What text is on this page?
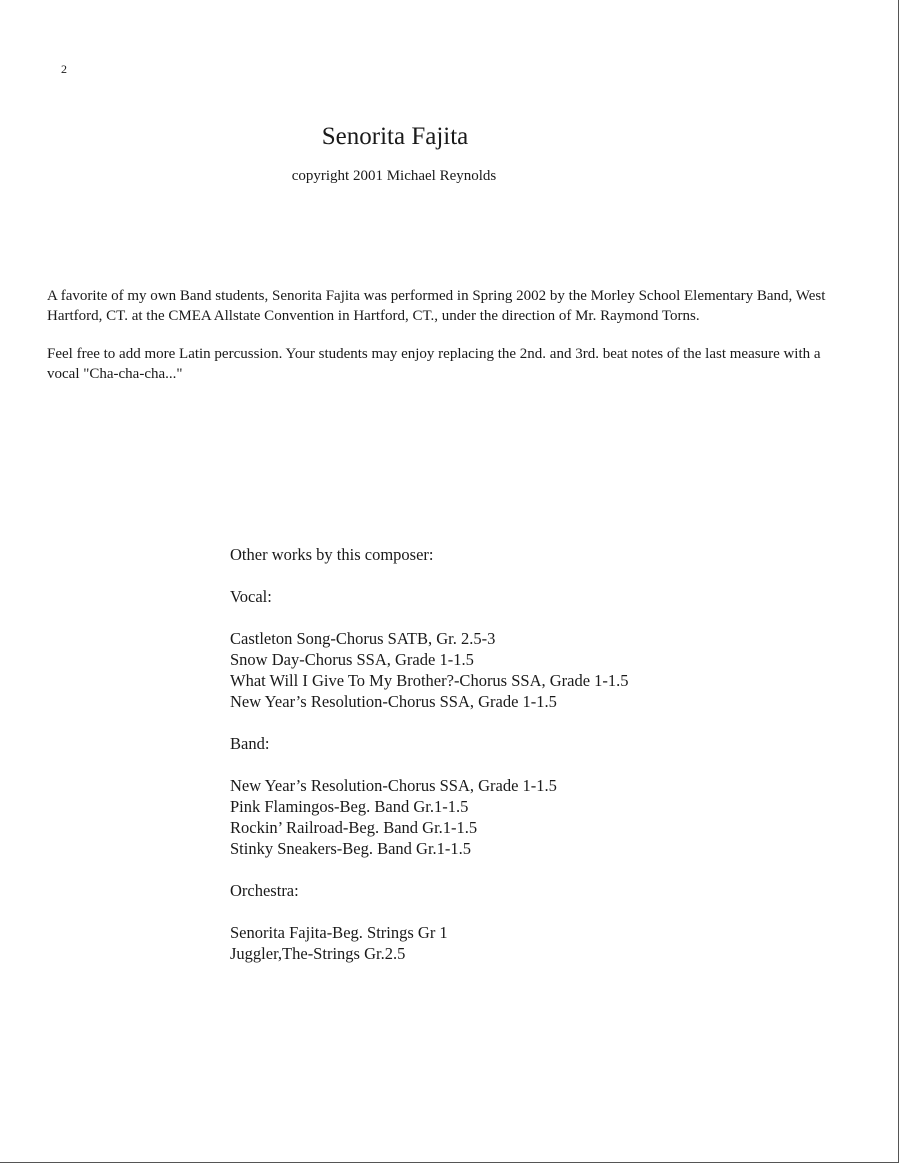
2
Senorita Fajita
copyright 2001 Michael Reynolds

A favorite of my own Band students, Senorita Fajita was performed in Spring 2002 by the Morley School Elementary Band, West Hartford, CT. at the CMEA Allstate Convention in Hartford, CT., under the direction of Mr. Raymond Torns.

Feel free to add more Latin percussion. Your students may enjoy replacing the 2nd. and 3rd. beat notes of the last measure with a vocal "Cha-cha-cha..."

Other works by this composer:
Vocal:
Castleton Song-Chorus SATB, Gr. 2.5-3
Snow Day-Chorus SSA, Grade 1-1.5
What Will I Give To My Brother?-Chorus SSA, Grade 1-1.5
New Year’s Resolution-Chorus SSA, Grade 1-1.5
Band:
New Year’s Resolution-Chorus SSA, Grade 1-1.5
Pink Flamingos-Beg. Band Gr.1-1.5
Rockin’ Railroad-Beg. Band Gr.1-1.5
Stinky Sneakers-Beg. Band Gr.1-1.5
Orchestra:
Senorita Fajita-Beg. Strings Gr 1
Juggler,The-Strings Gr.2.5
